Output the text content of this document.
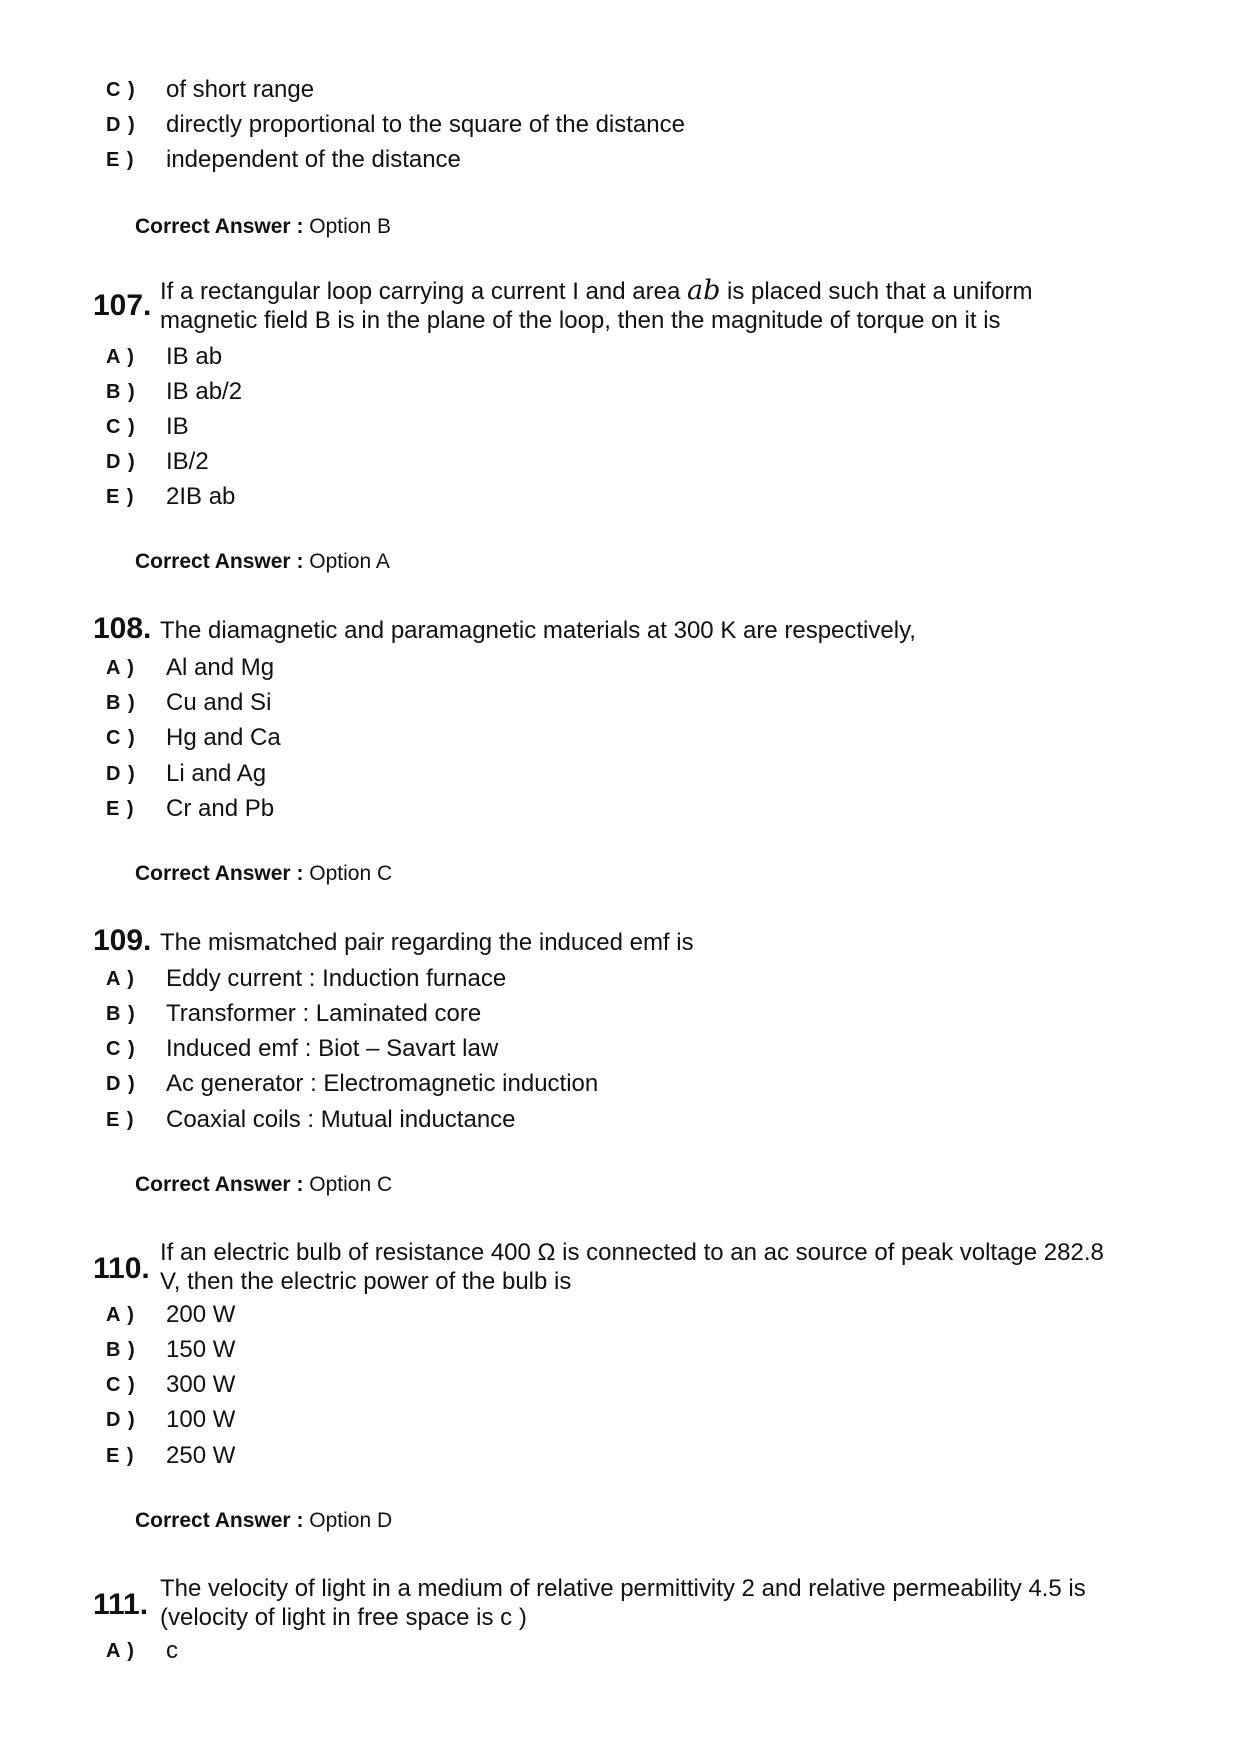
C )	of short range
D )	directly proportional to the square of the distance
E )	independent of the distance
Correct Answer : Option B
107. If a rectangular loop carrying a current I and area ab is placed such that a uniform
magnetic field B is in the plane of the loop, then the magnitude of torque on it is
A )	IB ab
B )	IB ab/2
C )	IB
D )	IB/2
E )	2IB ab
Correct Answer : Option A
108. The diamagnetic and paramagnetic materials at 300 K are respectively,
A )	Al and Mg
B )	Cu and Si
C )	Hg and Ca
D )	Li and Ag
E )	Cr and Pb
Correct Answer : Option C
109. The mismatched pair regarding the induced emf is
A )	Eddy current : Induction furnace
B )	Transformer : Laminated core
C )	Induced emf : Biot – Savart law
D )	Ac generator : Electromagnetic induction
E )	Coaxial coils : Mutual inductance
Correct Answer : Option C
110. If an electric bulb of resistance 400 Ω is connected to an ac source of peak voltage 282.8
V, then the electric power of the bulb is
A )	200 W
B )	150 W
C )	300 W
D )	100 W
E )	250 W
Correct Answer : Option D
111. The velocity of light in a medium of relative permittivity 2 and relative permeability 4.5 is
(velocity of light in free space is c )
A )	c
